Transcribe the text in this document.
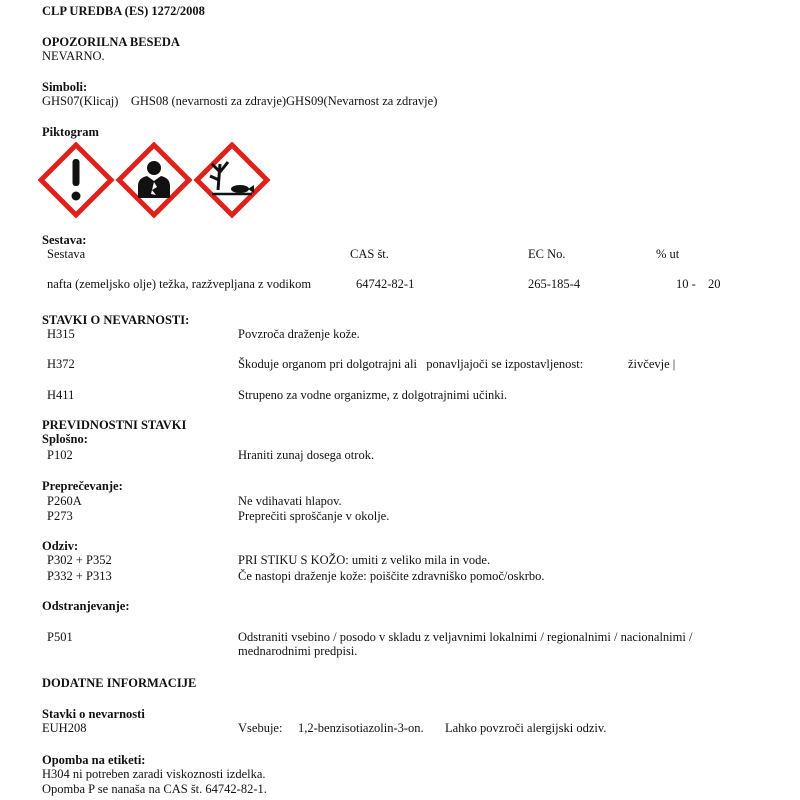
CLP UREDBA (ES) 1272/2008
OPOZORILNA BESEDA
NEVARNO.
Simboli:
GHS07(Klicaj)    GHS08 (nevarnosti za zdravje)GHS09(Nevarnost za zdravje)
Piktogram
Sestava:
Sestava	CAS št.	EC No.	% ut
nafta (zemeljsko olje) težka, razžvepljana z vodikom	64742-82-1	265-185-4	10 - 20
STAVKI O NEVARNOSTI:
H315	Povzroča draženje kože.
H372	Škoduje organom pri dolgotrajni ali   ponavljajoči se izpostavljenost:	živčevje |
H411	Strupeno za vodne organizme, z dolgotrajnimi učinki.
PREVIDNOSTNI STAVKI
Splošno:
P102	Hraniti zunaj dosega otrok.
Preprečevanje:
P260A	Ne vdihavati hlapov.
P273	Preprečiti sproščanje v okolje.
Odziv:
P302 + P352	PRI STIKU S KOŽO: umiti z veliko mila in vode.
P332 + P313	Če nastopi draženje kože: poiščite zdravniško pomoč/oskrbo.
Odstranjevanje:
P501	Odstraniti vsebino / posodo v skladu z veljavnimi lokalnimi / regionalnimi / nacionalnimi / mednarodnimi predpisi.
DODATNE INFORMACIJE
Stavki o nevarnosti
EUH208	Vsebuje: 1,2-benzisotiazolin-3-on. Lahko povzroči alergijski odziv.
Opomba na etiketi:
H304 ni potreben zaradi viskoznosti izdelka.
Opomba P se nanaša na CAS št. 64742-82-1.
